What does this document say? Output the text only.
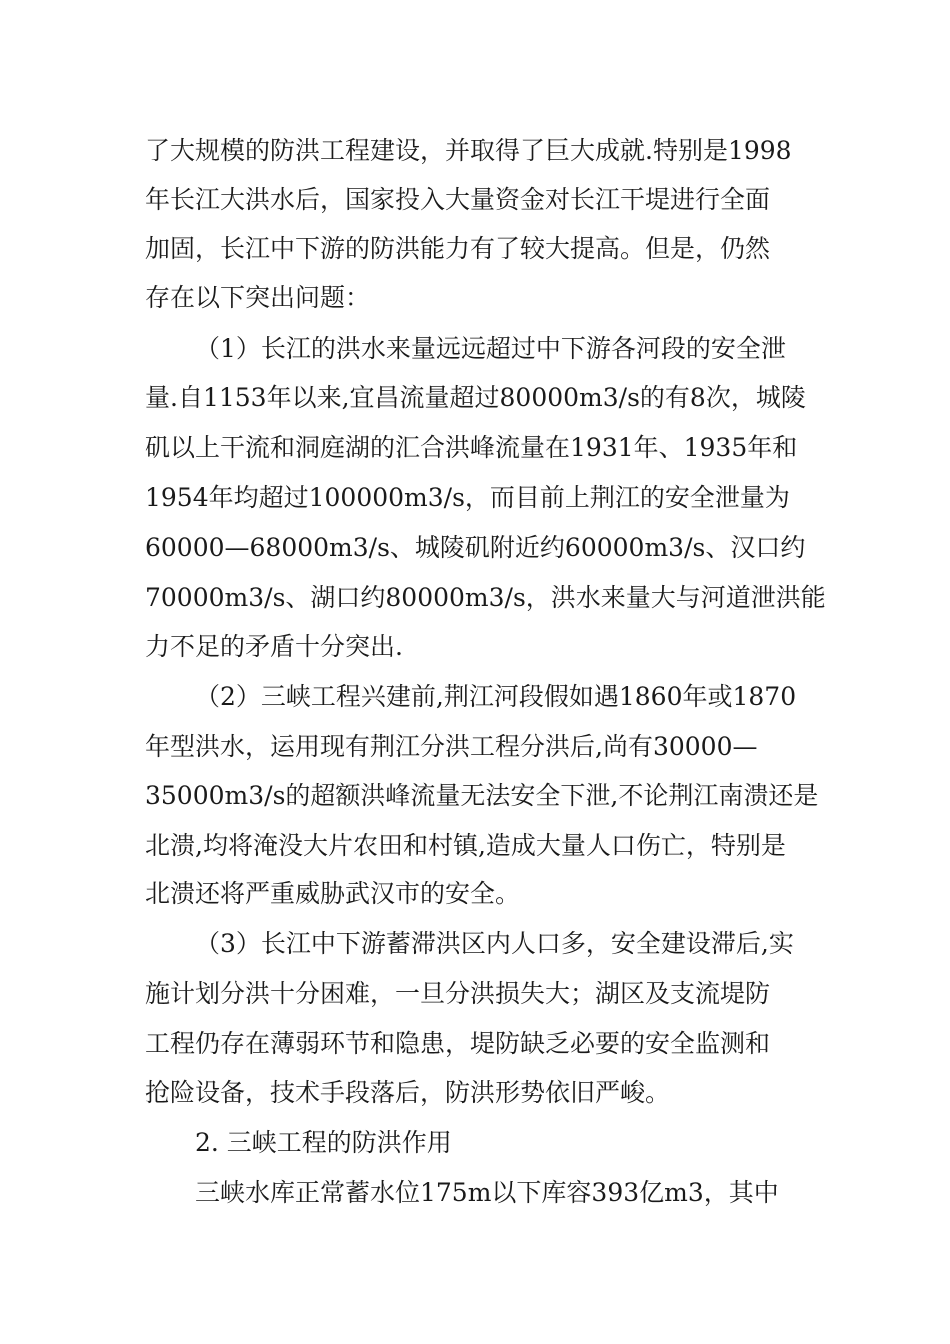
了大规模的防洪工程建设，并取得了巨大成就.特别是1998
年长江大洪水后，国家投入大量资金对长江干堤进行全面
加固，长江中下游的防洪能力有了较大提高。但是，仍然
存在以下突出问题：
（1）长江的洪水来量远远超过中下游各河段的安全泄
量.自1153年以来,宜昌流量超过80000m3/s的有8次，城陵
矶以上干流和洞庭湖的汇合洪峰流量在1931年、1935年和
1954年均超过100000m3/s，而目前上荆江的安全泄量为
60000—68000m3/s、城陵矶附近约60000m3/s、汉口约
70000m3/s、湖口约80000m3/s，洪水来量大与河道泄洪能
力不足的矛盾十分突出.
（2）三峡工程兴建前,荆江河段假如遇1860年或1870
年型洪水，运用现有荆江分洪工程分洪后,尚有30000—
35000m3/s的超额洪峰流量无法安全下泄,不论荆江南溃还是
北溃,均将淹没大片农田和村镇,造成大量人口伤亡，特别是
北溃还将严重威胁武汉市的安全。
（3）长江中下游蓄滞洪区内人口多，安全建设滞后,实
施计划分洪十分困难，一旦分洪损失大；湖区及支流堤防
工程仍存在薄弱环节和隐患，堤防缺乏必要的安全监测和
抢险设备，技术手段落后，防洪形势依旧严峻。
2. 三峡工程的防洪作用
三峡水库正常蓄水位175m以下库容393亿m3，其中
